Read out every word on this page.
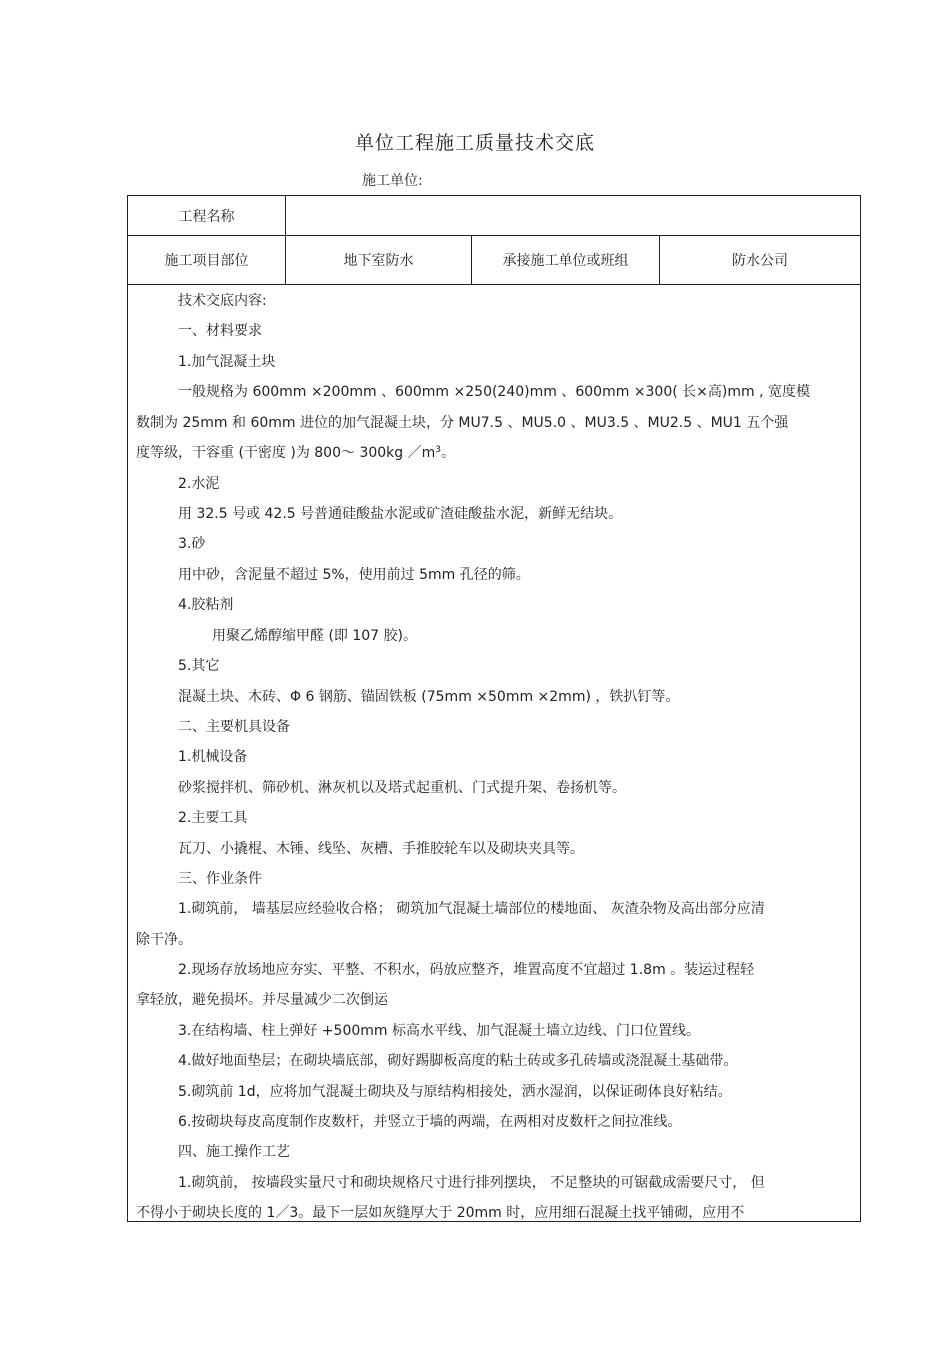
单位工程施工质量技术交底
施工单位:
工程名称
施工项目部位	地下室防水	承接施工单位或班组	防水公司
技术交底内容:
一、材料要求
1.加气混凝土块
一般规格为 600mm ×200mm 、600mm ×250(240)mm 、600mm ×300( 长×高)mm , 宽度模
数制为 25mm 和 60mm 进位的加气混凝土块，分 MU7.5 、MU5.0 、MU3.5 、MU2.5 、MU1 五个强
度等级，干容重 (干密度 )为 800～ 300kg $/m^3$。
2.水泥
用 32.5 号或 42.5 号普通硅酸盐水泥或矿渣硅酸盐水泥，新鲜无结块。
3.砂
用中砂，含泥量不超过 5%，使用前过 5mm 孔径的筛。
4.胶粘剂
用聚乙烯醇缩甲醛 (即 107 胶)。
5.其它
混凝土块、木砖、Φ 6 钢筋、锚固铁板 (75mm ×50mm ×2mm) ，铁扒钉等。
二、主要机具设备
1.机械设备
砂浆搅拌机、筛砂机、淋灰机以及塔式起重机、门式提升架、卷扬机等。
2.主要工具
瓦刀、小撬棍、木锤、线坠、灰槽、手推胶轮车以及砌块夹具等。
三、作业条件
1.砌筑前， 墙基层应经验收合格； 砌筑加气混凝土墙部位的楼地面、 灰渣杂物及高出部分应清
除干净。
2.现场存放场地应夯实、平整、不积水，码放应整齐，堆置高度不宜超过 1.8m 。装运过程轻
拿轻放，避免损坏。并尽量减少二次倒运
3.在结构墙、柱上弹好 +500mm 标高水平线、加气混凝土墙立边线、门口位置线。
4.做好地面垫层；在砌块墙底部，砌好踢脚板高度的粘土砖或多孔砖墙或浇混凝土基础带。
5.砌筑前 1d，应将加气混凝土砌块及与原结构相接处，洒水湿润，以保证砌体良好粘结。
6.按砌块每皮高度制作皮数杆，并竖立于墙的两端，在两相对皮数杆之间拉准线。
四、施工操作工艺
1.砌筑前， 按墙段实量尺寸和砌块规格尺寸进行排列摆块， 不足整块的可锯截成需要尺寸， 但
不得小于砌块长度的 1／3。最下一层如灰缝厚大于 20mm 时，应用细石混凝土找平铺砌，应用不
